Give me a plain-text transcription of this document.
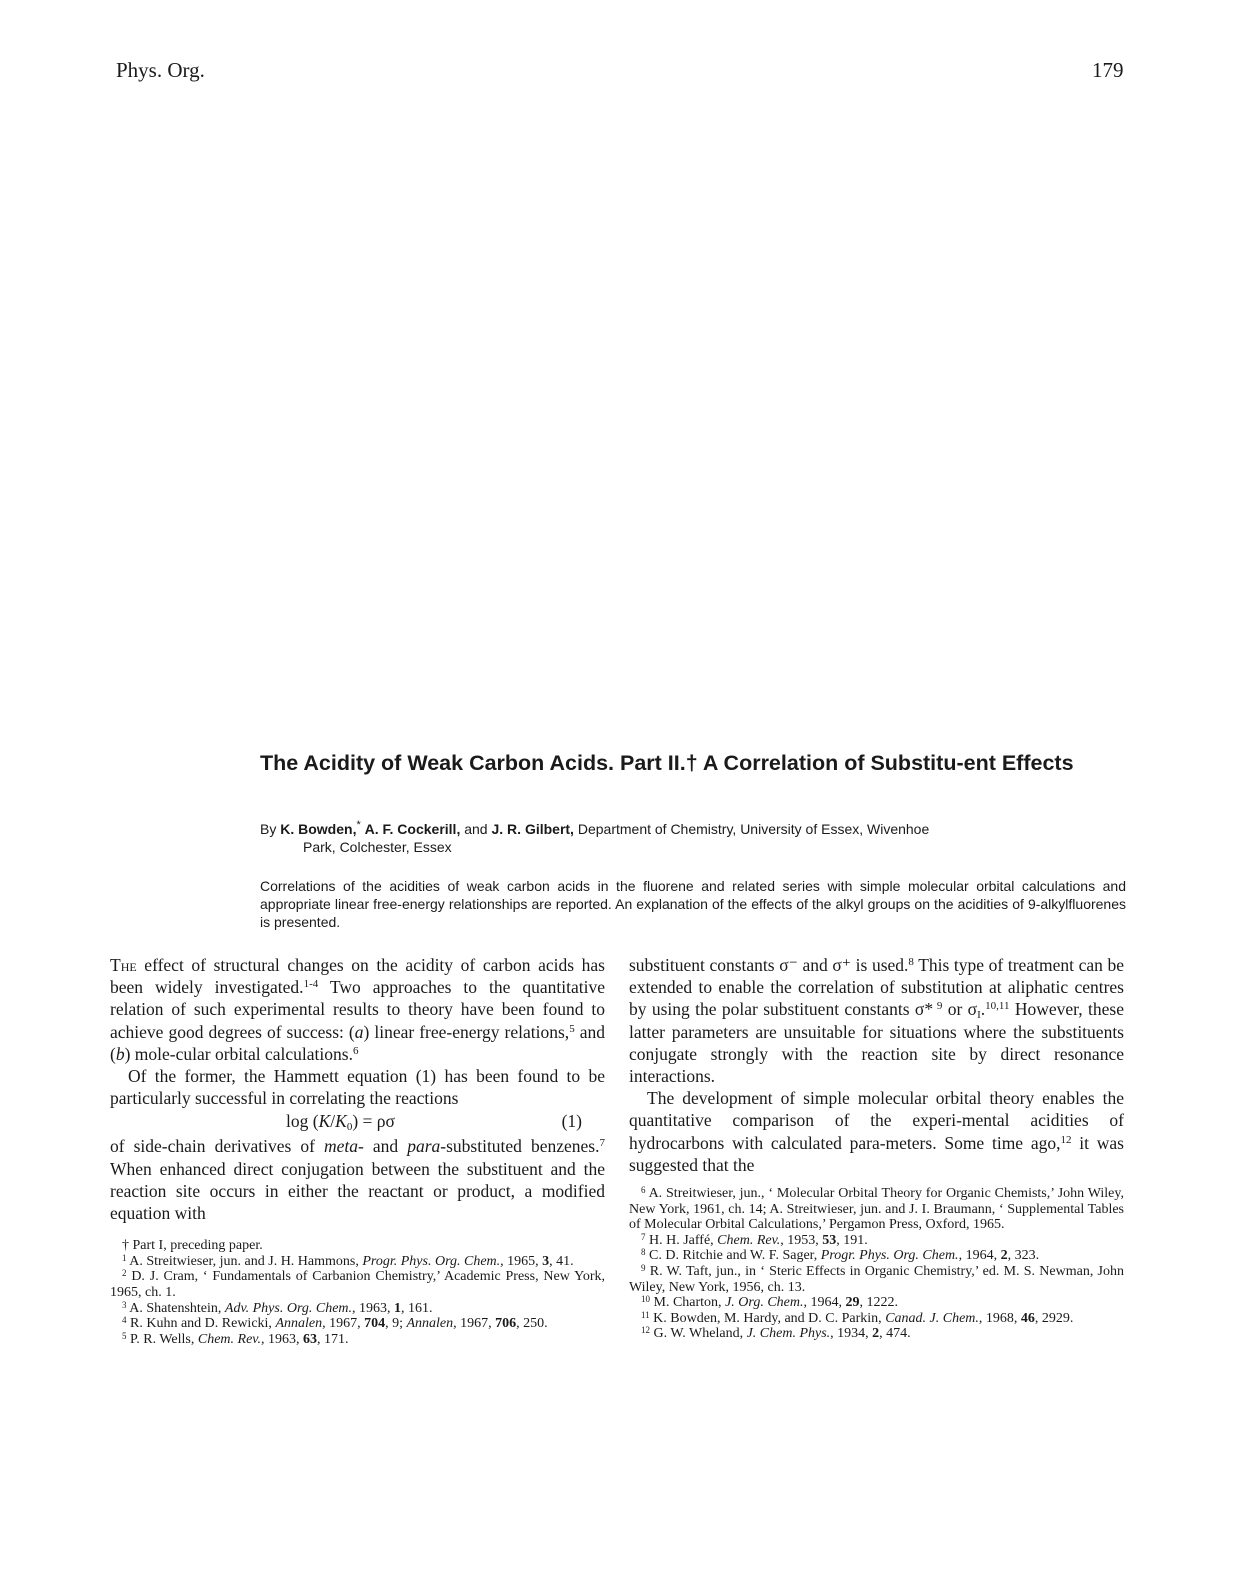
Phys. Org.	179
The Acidity of Weak Carbon Acids. Part II.† A Correlation of Substitu-ent Effects
By K. Bowden,* A. F. Cockerill, and J. R. Gilbert, Department of Chemistry, University of Essex, Wivenhoe
Park, Colchester, Essex
Correlations of the acidities of weak carbon acids in the fluorene and related series with simple molecular orbital calculations and appropriate linear free-energy relationships are reported. An explanation of the effects of the alkyl groups on the acidities of 9-alkylfluorenes is presented.

The effect of structural changes on the acidity of carbon acids has been widely investigated.$^{1-4}$ Two approaches to the quantitative relation of such experimental results to theory have been found to achieve good degrees of success: (a) linear free-energy relations,$^5$ and (b) mole-cular orbital calculations.$^6$

Of the former, the Hammett equation (1) has been found to be particularly successful in correlating the reactions

$\log (K/K_0) = \rho\sigma$	(1)

of side-chain derivatives of meta- and para-substituted benzenes.$^7$ When enhanced direct conjugation between the substituent and the reaction site occurs in either the reactant or product, a modified equation with

† Part I, preceding paper.
$^1$ A. Streitwieser, jun. and J. H. Hammons, Progr. Phys. Org. Chem., 1965, 3, 41.
$^2$ D. J. Cram, ‘ Fundamentals of Carbanion Chemistry,’ Academic Press, New York, 1965, ch. 1.
$^3$ A. Shatenshtein, Adv. Phys. Org. Chem., 1963, 1, 161.
$^4$ R. Kuhn and D. Rewicki, Annalen, 1967, 704, 9; Annalen, 1967, 706, 250.
$^5$ P. R. Wells, Chem. Rev., 1963, 63, 171.

substituent constants σ⁻ and σ⁺ is used.$^8$ This type of treatment can be extended to enable the correlation of substitution at aliphatic centres by using the polar substituent constants σ* $^9$ or $\sigma_I.^{10,11}$ However, these latter parameters are unsuitable for situations where the substituents conjugate strongly with the reaction site by direct resonance interactions.

The development of simple molecular orbital theory enables the quantitative comparison of the experi-mental acidities of hydrocarbons with calculated para-meters. Some time ago,$^{12}$ it was suggested that the

$^6$ A. Streitwieser, jun., ‘ Molecular Orbital Theory for Organic Chemists,’ John Wiley, New York, 1961, ch. 14; A. Streitwieser, jun. and J. I. Braumann, ‘ Supplemental Tables of Molecular Orbital Calculations,’ Pergamon Press, Oxford, 1965.
$^7$ H. H. Jaffé, Chem. Rev., 1953, 53, 191.
$^8$ C. D. Ritchie and W. F. Sager, Progr. Phys. Org. Chem., 1964, 2, 323.
$^9$ R. W. Taft, jun., in ‘ Steric Effects in Organic Chemistry,’ ed. M. S. Newman, John Wiley, New York, 1956, ch. 13.
$^{10}$ M. Charton, J. Org. Chem., 1964, 29, 1222.
$^{11}$ K. Bowden, M. Hardy, and D. C. Parkin, Canad. J. Chem., 1968, 46, 2929.
$^{12}$ G. W. Wheland, J. Chem. Phys., 1934, 2, 474.
